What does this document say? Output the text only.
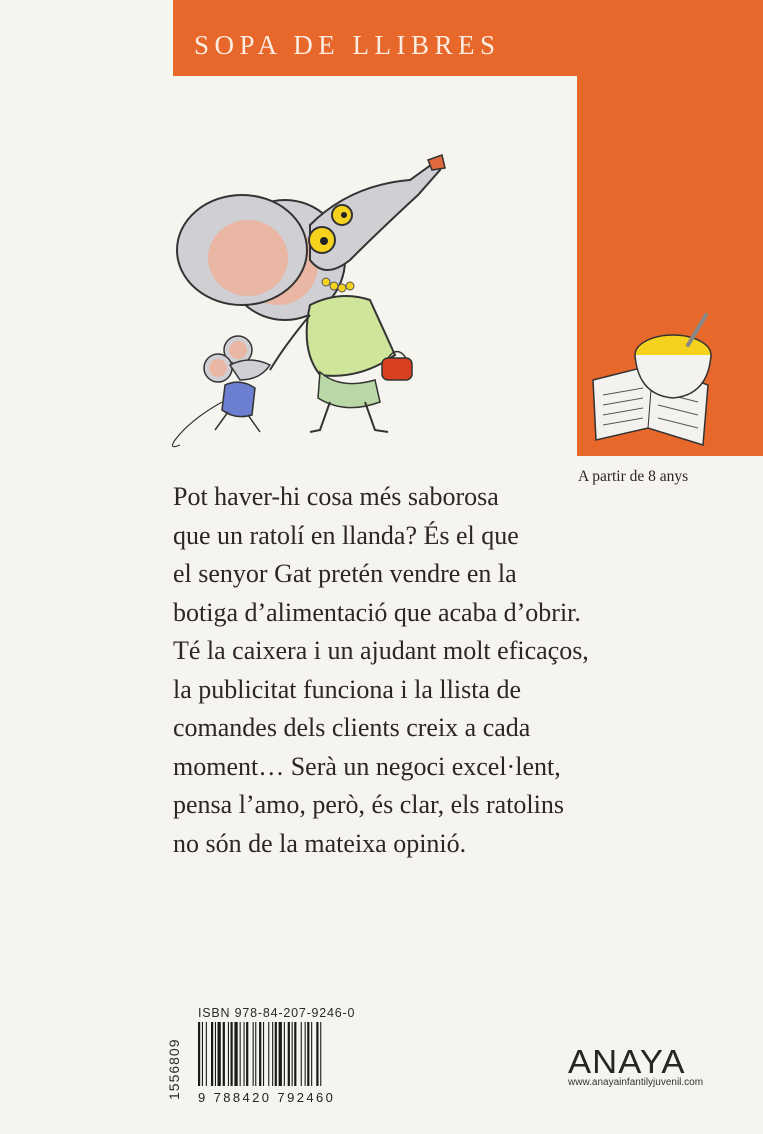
SOPA DE LLIBRES
A partir de 8 anys

Pot haver-hi cosa més saborosa

que un ratolí en llanda? És el que

el senyor Gat pretén vendre en la

botiga d’alimentació que acaba d’obrir.

Té la caixera i un ajudant molt eficaços,

la publicitat funciona i la llista de

comandes dels clients creix a cada

moment… Serà un negoci excel·lent,

pensa l’amo, però, és clar, els ratolins

no són de la mateixa opinió.

ISBN 978-84-207-9246-0
9 788420 792460
1556809	ANAYA
www.anayainfantilyjuvenil.com
